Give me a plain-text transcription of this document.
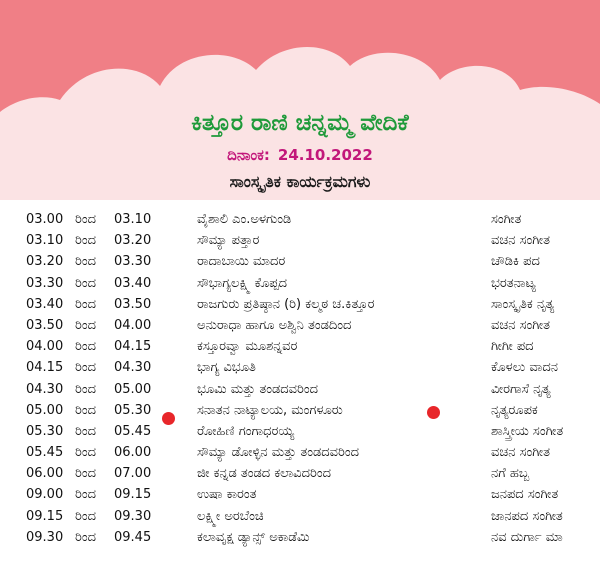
ಕಿತ್ತೂರ ರಾಣಿ ಚನ್ನಮ್ಮ ವೇದಿಕೆ
ದಿನಾಂಕ: 24.10.2022
ಸಾಂಸ್ಕೃತಿಕ ಕಾರ್ಯಕ್ರಮಗಳು
03.00 ರಿಂದ 03.10	ವೈಶಾಲಿ ಎಂ.ಅಳಗುಂಡಿ	ಸಂಗೀತ
03.10 ರಿಂದ 03.20	ಸೌಮ್ಯಾ ಪತ್ತಾರ	ವಚನ ಸಂಗೀತ
03.20 ರಿಂದ 03.30	ರಾದಾಬಾಯಿ ಮಾದರ	ಚೌಡಿಕಿ ಪದ
03.30 ರಿಂದ 03.40	ಸೌಭಾಗ್ಯಲಕ್ಷ್ಮಿ ಕೊಪ್ಪದ	ಭರತನಾಟ್ಯ
03.40 ರಿಂದ 03.50	ರಾಜಗುರು ಪ್ರತಿಷ್ಠಾನ (ರಿ) ಕಲ್ಮಠ ಚ.ಕಿತ್ತೂರ	ಸಾಂಸ್ಕೃತಿಕ ನೃತ್ಯ
03.50 ರಿಂದ 04.00	ಅನುರಾಧಾ ಹಾಗೂ ಅಶ್ವಿನಿ ತಂಡದಿಂದ	ವಚನ ಸಂಗೀತ
04.00 ರಿಂದ 04.15	ಕಸ್ತೂರವ್ವಾ ಮೂಶನ್ನವರ	ಗೀಗೀ ಪದ
04.15 ರಿಂದ 04.30	ಭಾಗ್ಯ ವಿಭೂತಿ	ಕೊಳಲು ವಾದನ
04.30 ರಿಂದ 05.00	ಭೂಮಿ ಮತ್ತು ತಂಡದವರಿಂದ	ವೀರಗಾಸೆ ನೃತ್ಯ
05.00 ರಿಂದ 05.30	ಸನಾತನ ನಾಟ್ಯಾಲಯ, ಮಂಗಳೂರು	ನೃತ್ಯರೂಪಕ
05.30 ರಿಂದ 05.45	ರೋಹಿಣಿ ಗಂಗಾಧರಯ್ಯ	ಶಾಸ್ತ್ರೀಯ ಸಂಗೀತ
05.45 ರಿಂದ 06.00	ಸೌಮ್ಯಾ ಡೋಳ್ಳಿನ ಮತ್ತು ತಂಡದವರಿಂದ	ವಚನ ಸಂಗೀತ
06.00 ರಿಂದ 07.00	ಜೀ ಕನ್ನಡ ತಂಡದ ಕಲಾವಿದರಿಂದ	ನಗೆ ಹಬ್ಬ
09.00 ರಿಂದ 09.15	ಉಷಾ ಕಾರಂತ	ಜನಪದ ಸಂಗೀತ
09.15 ರಿಂದ 09.30	ಲಕ್ಷ್ಮೀ ಅರಬೆಂಚಿ	ಜಾನಪದ ಸಂಗೀತ
09.30 ರಿಂದ 09.45	ಕಲಾವೃಕ್ಷ ಡ್ಯಾನ್ಸ್ ಅಕಾಡೆಮಿ	ನವ ದುರ್ಗಾ ಮಾ
